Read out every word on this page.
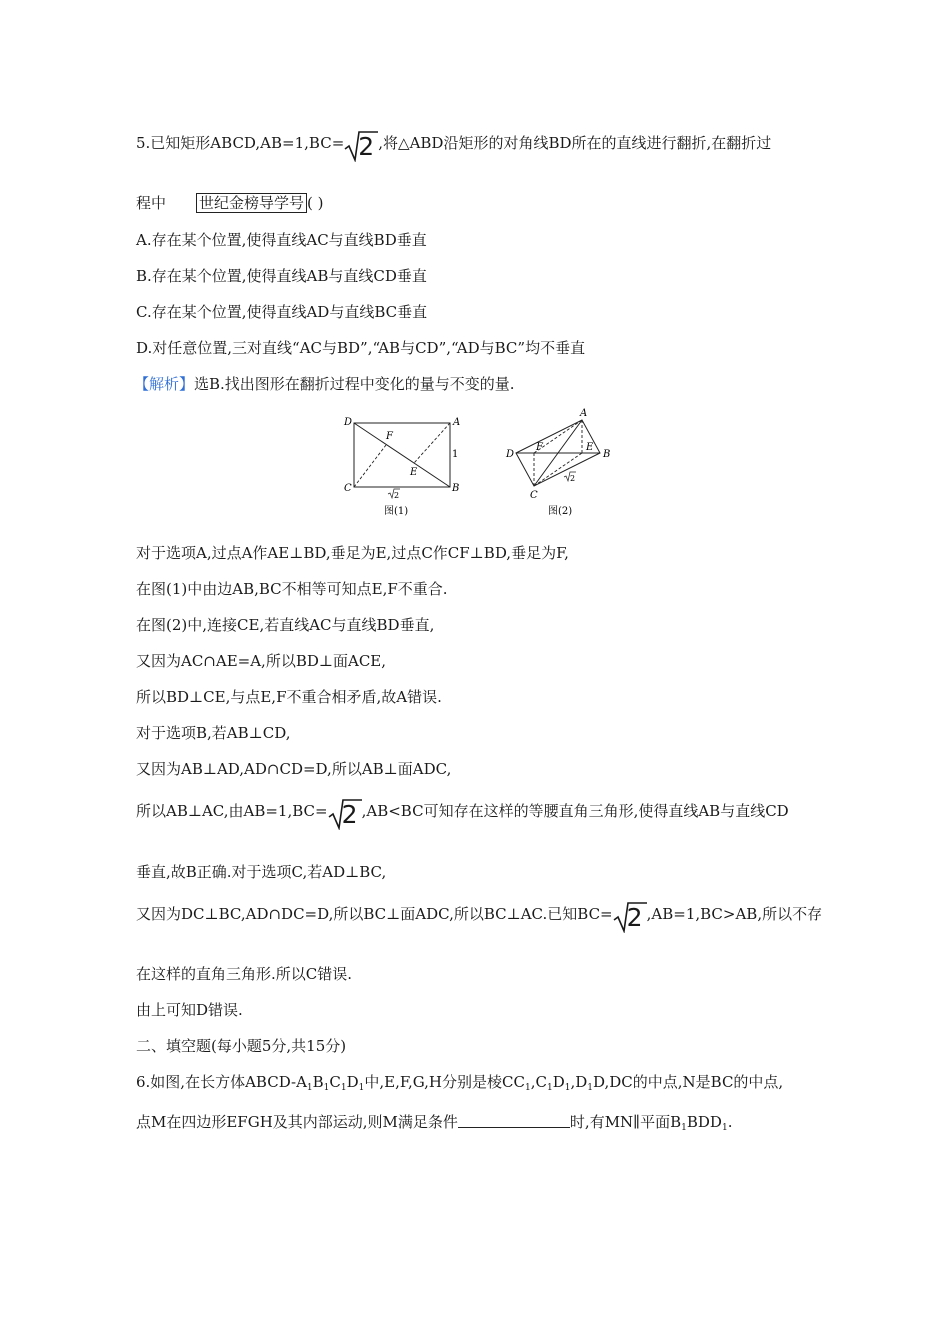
5.已知矩形ABCD,AB=1,BC= 2 ,将△ABD沿矩形的对角线BD所在的直线进行翻折,在翻折过
程中 世纪金榜导学号 ( )
A.存在某个位置,使得直线AC与直线BD垂直
B.存在某个位置,使得直线AB与直线CD垂直
C.存在某个位置,使得直线AD与直线BC垂直
D.对任意位置,三对直线“AC与BD”,“AB与CD”,“AD与BC”均不垂直
【解析】选B.找出图形在翻折过程中变化的量与不变的量.
D	A
C	B
F
E
1
2
图(1)
A
D	B
C
F	E
2
图(2)
对于选项A,过点A作AE⊥BD,垂足为E,过点C作CF⊥BD,垂足为F,
在图(1)中由边AB,BC不相等可知点E,F不重合.
在图(2)中,连接CE,若直线AC与直线BD垂直,
又因为AC∩AE=A,所以BD⊥面ACE,
所以BD⊥CE,与点E,F不重合相矛盾,故A错误.
对于选项B,若AB⊥CD,
又因为AB⊥AD,AD∩CD=D,所以AB⊥面ADC,
所以AB⊥AC,由AB=1,BC= 2 ,AB<BC可知存在这样的等腰直角三角形,使得直线AB与直线CD
垂直,故B正确.对于选项C,若AD⊥BC,
又因为DC⊥BC,AD∩DC=D,所以BC⊥面ADC,所以BC⊥AC.已知BC= 2 ,AB=1,BC>AB,所以不存
在这样的直角三角形.所以C错误.
由上可知D错误.
二、填空题(每小题5分,共15分)
6.如图,在长方体ABCD-$A_1B_1C_1D_1$中,E,F,G,H分别是棱$CC_1,C_1D_1,D_1D,DC$的中点,N是BC的中点,
点M在四边形EFGH及其内部运动,则M满足条件	时,有MN∥平面$B_1BDD_1$.
